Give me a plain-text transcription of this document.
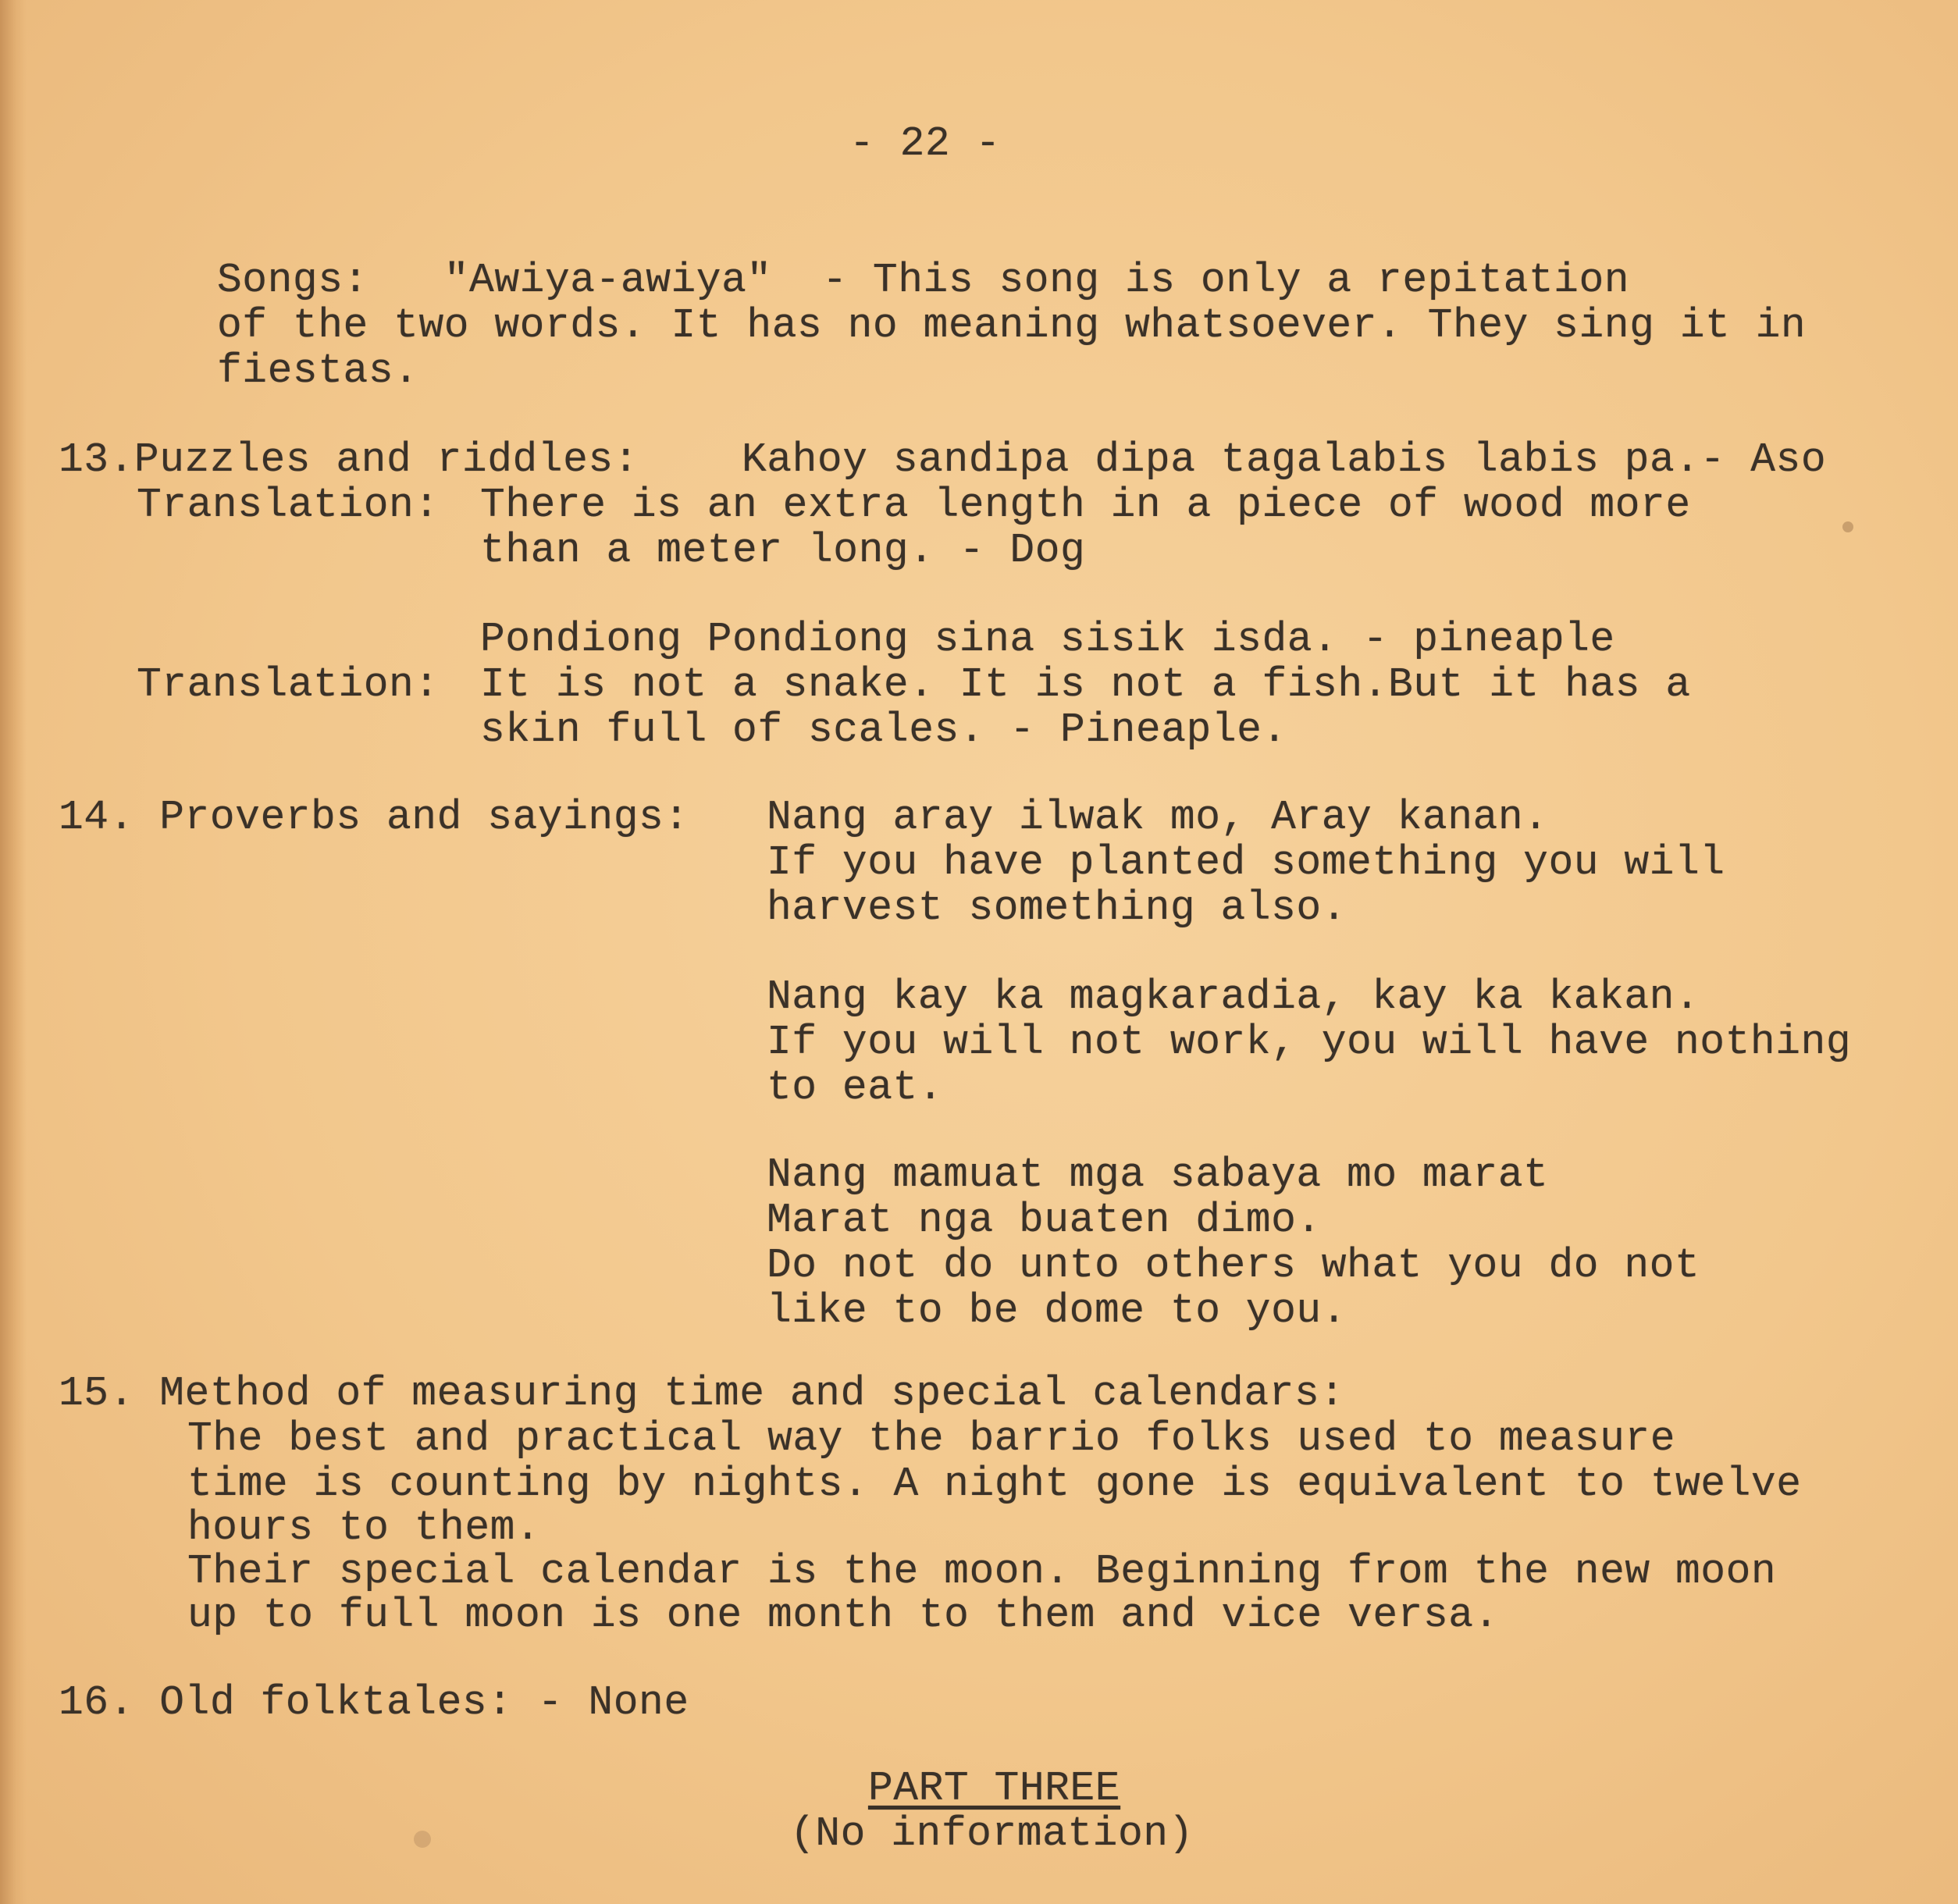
- 22 -
Songs:   "Awiya-awiya"  - This song is only a repitation
of the two words. It has no meaning whatsoever. They sing it in
fiestas.
13.Puzzles and riddles: Kahoy sandipa dipa tagalabis labis pa.- Aso
Translation: There is an extra length in a piece of wood more
than a meter long. - Dog
Pondiong Pondiong sina sisik isda. - pineaple
Translation: It is not a snake. It is not a fish.But it has a
skin full of scales. - Pineaple.
14. Proverbs and sayings: Nang aray ilwak mo, Aray kanan.
If you have planted something you will
harvest something also.
Nang kay ka magkaradia, kay ka kakan.
If you will not work, you will have nothing
to eat.
Nang mamuat mga sabaya mo marat
Marat nga buaten dimo.
Do not do unto others what you do not
like to be dome to you.
15. Method of measuring time and special calendars:
The best and practical way the barrio folks used to measure
time is counting by nights. A night gone is equivalent to twelve
hours to them.
Their special calendar is the moon. Beginning from the new moon
up to full moon is one month to them and vice versa.
16. Old folktales: - None
PART THREE
(No information)
